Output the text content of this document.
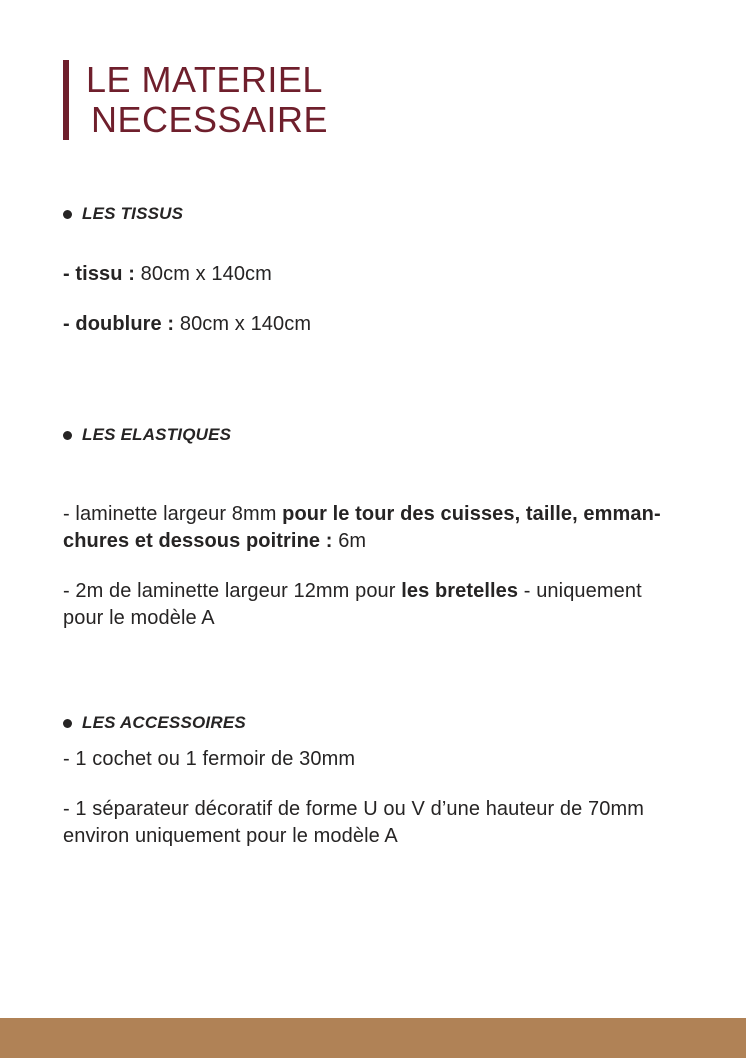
LE MATERIEL
NECESSAIRE
LES TISSUS
- tissu : 80cm x 140cm
- doublure : 80cm x 140cm
LES ELASTIQUES
- laminette largeur 8mm pour le tour des cuisses, taille, emman-
chures et dessous poitrine : 6m
- 2m de laminette largeur 12mm pour les bretelles - uniquement
pour le modèle A
LES ACCESSOIRES
- 1 cochet ou 1 fermoir de 30mm
- 1 séparateur décoratif de forme U ou V d’une hauteur de 70mm
environ uniquement pour le modèle A
